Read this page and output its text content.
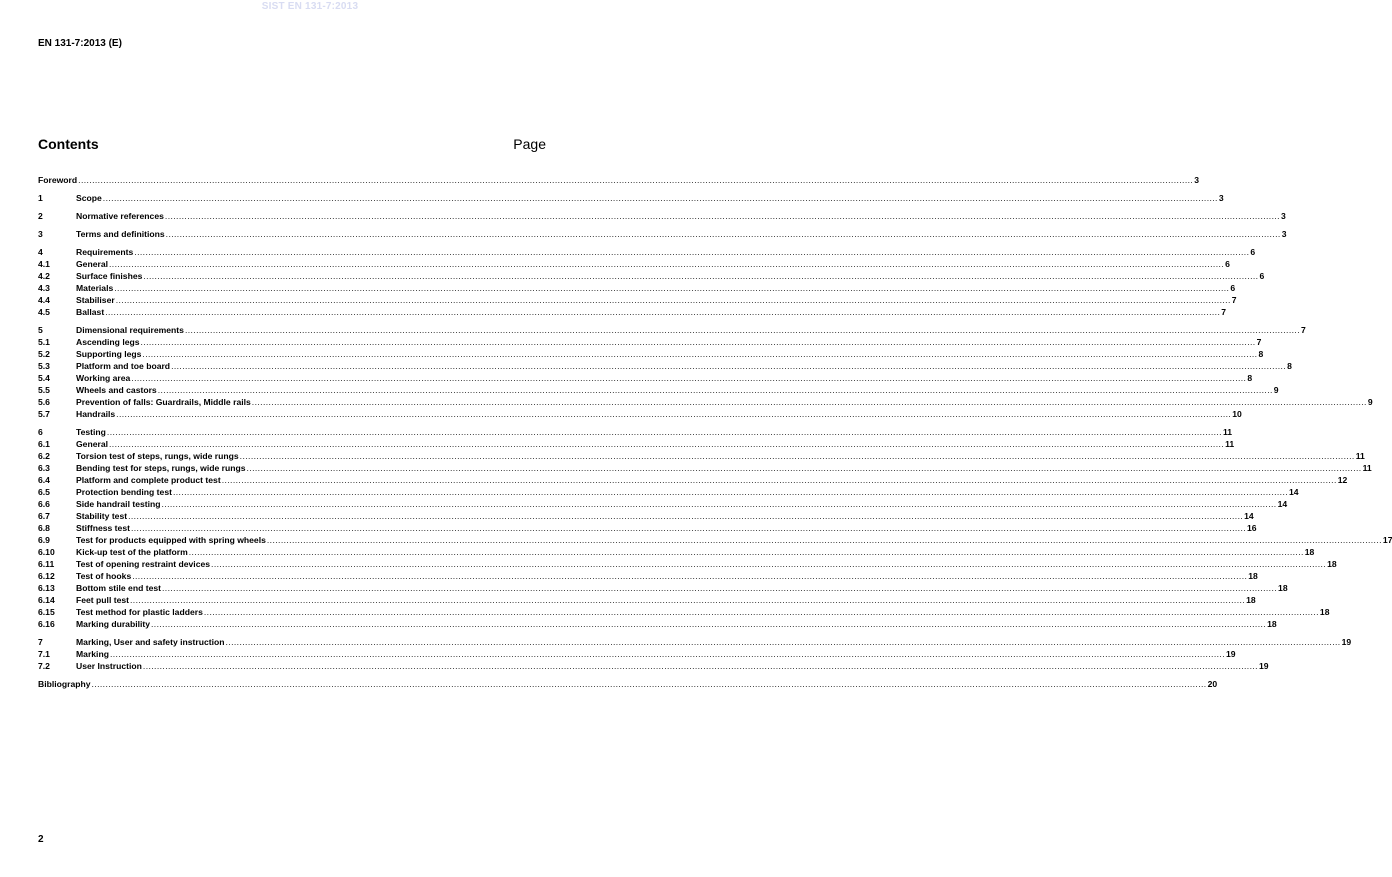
SIST EN 131-7:2013
EN 131-7:2013 (E)
Contents	Page
Foreword ................................................................................................................................................................................................................................................................................................................................................................................................................ 3
1	Scope ................................................................................................................................................................................................................................................................................................................................................................................................................ 3
2	Normative references ................................................................................................................................................................................................................................................................................................................................................................................................................ 3
3	Terms and definitions ................................................................................................................................................................................................................................................................................................................................................................................................................ 3
4	Requirements ................................................................................................................................................................................................................................................................................................................................................................................................................ 6
4.1	General ................................................................................................................................................................................................................................................................................................................................................................................................................ 6
4.2	Surface finishes ................................................................................................................................................................................................................................................................................................................................................................................................................ 6
4.3	Materials ................................................................................................................................................................................................................................................................................................................................................................................................................ 6
4.4	Stabiliser ................................................................................................................................................................................................................................................................................................................................................................................................................ 7
4.5	Ballast ................................................................................................................................................................................................................................................................................................................................................................................................................ 7
5	Dimensional requirements ................................................................................................................................................................................................................................................................................................................................................................................................................ 7
5.1	Ascending legs ................................................................................................................................................................................................................................................................................................................................................................................................................ 7
5.2	Supporting legs ................................................................................................................................................................................................................................................................................................................................................................................................................ 8
5.3	Platform and toe board ................................................................................................................................................................................................................................................................................................................................................................................................................ 8
5.4	Working area ................................................................................................................................................................................................................................................................................................................................................................................................................ 8
5.5	Wheels and castors ................................................................................................................................................................................................................................................................................................................................................................................................................ 9
5.6	Prevention of falls: Guardrails, Middle rails ................................................................................................................................................................................................................................................................................................................................................................................................................ 9
5.7	Handrails ................................................................................................................................................................................................................................................................................................................................................................................................................ 10
6	Testing ................................................................................................................................................................................................................................................................................................................................................................................................................ 11
6.1	General ................................................................................................................................................................................................................................................................................................................................................................................................................ 11
6.2	Torsion test of steps, rungs, wide rungs ................................................................................................................................................................................................................................................................................................................................................................................................................ 11
6.3	Bending test for steps, rungs, wide rungs ................................................................................................................................................................................................................................................................................................................................................................................................................ 11
6.4	Platform and complete product test ................................................................................................................................................................................................................................................................................................................................................................................................................ 12
6.5	Protection bending test ................................................................................................................................................................................................................................................................................................................................................................................................................ 14
6.6	Side handrail testing ................................................................................................................................................................................................................................................................................................................................................................................................................ 14
6.7	Stability test ................................................................................................................................................................................................................................................................................................................................................................................................................ 14
6.8	Stiffness test ................................................................................................................................................................................................................................................................................................................................................................................................................ 16
6.9	Test for products equipped with spring wheels ................................................................................................................................................................................................................................................................................................................................................................................................................ 17
6.10	Kick-up test of the platform ................................................................................................................................................................................................................................................................................................................................................................................................................ 18
6.11	Test of opening restraint devices ................................................................................................................................................................................................................................................................................................................................................................................................................ 18
6.12	Test of hooks ................................................................................................................................................................................................................................................................................................................................................................................................................ 18
6.13	Bottom stile end test ................................................................................................................................................................................................................................................................................................................................................................................................................ 18
6.14	Feet pull test ................................................................................................................................................................................................................................................................................................................................................................................................................ 18
6.15	Test method for plastic ladders ................................................................................................................................................................................................................................................................................................................................................................................................................ 18
6.16	Marking durability ................................................................................................................................................................................................................................................................................................................................................................................................................ 18
7	Marking, User and safety instruction ................................................................................................................................................................................................................................................................................................................................................................................................................ 19
7.1	Marking ................................................................................................................................................................................................................................................................................................................................................................................................................ 19
7.2	User Instruction ................................................................................................................................................................................................................................................................................................................................................................................................................ 19
Bibliography ................................................................................................................................................................................................................................................................................................................................................................................................................ 20
2
